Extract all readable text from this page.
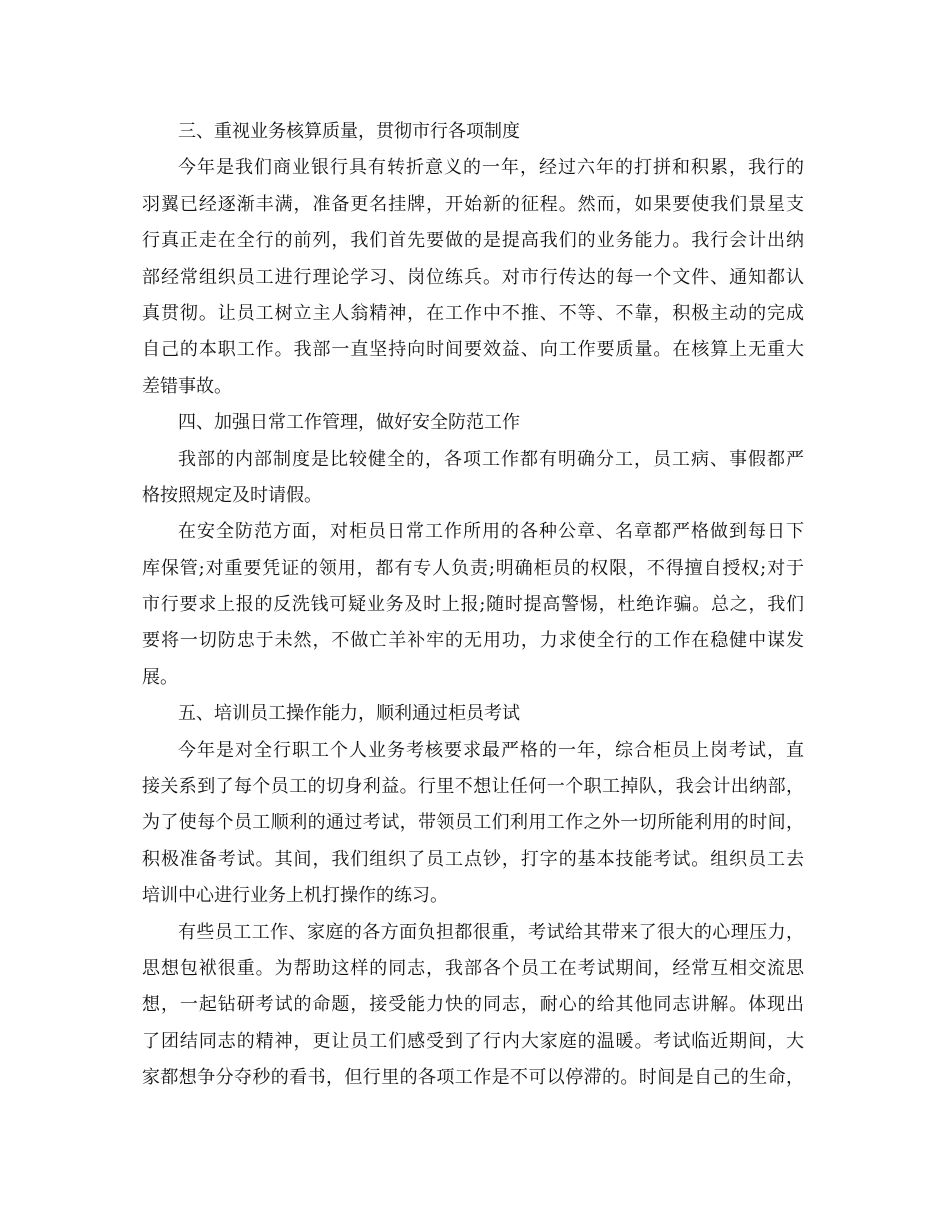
三、重视业务核算质量，贯彻市行各项制度
今年是我们商业银行具有转折意义的一年，经过六年的打拼和积累，我行的
羽翼已经逐渐丰满，准备更名挂牌，开始新的征程。然而，如果要使我们景星支
行真正走在全行的前列，我们首先要做的是提高我们的业务能力。我行会计出纳
部经常组织员工进行理论学习、岗位练兵。对市行传达的每一个文件、通知都认
真贯彻。让员工树立主人翁精神，在工作中不推、不等、不靠，积极主动的完成
自己的本职工作。我部一直坚持向时间要效益、向工作要质量。在核算上无重大
差错事故。
四、加强日常工作管理，做好安全防范工作
我部的内部制度是比较健全的，各项工作都有明确分工，员工病、事假都严
格按照规定及时请假。
在安全防范方面，对柜员日常工作所用的各种公章、名章都严格做到每日下
库保管;对重要凭证的领用，都有专人负责;明确柜员的权限，不得擅自授权;对于
市行要求上报的反洗钱可疑业务及时上报;随时提高警惕，杜绝诈骗。总之，我们
要将一切防忠于未然，不做亡羊补牢的无用功，力求使全行的工作在稳健中谋发
展。
五、培训员工操作能力，顺利通过柜员考试
今年是对全行职工个人业务考核要求最严格的一年，综合柜员上岗考试，直
接关系到了每个员工的切身利益。行里不想让任何一个职工掉队，我会计出纳部，
为了使每个员工顺利的通过考试，带领员工们利用工作之外一切所能利用的时间，
积极准备考试。其间，我们组织了员工点钞，打字的基本技能考试。组织员工去
培训中心进行业务上机打操作的练习。
有些员工工作、家庭的各方面负担都很重，考试给其带来了很大的心理压力，
思想包袱很重。为帮助这样的同志，我部各个员工在考试期间，经常互相交流思
想，一起钻研考试的命题，接受能力快的同志，耐心的给其他同志讲解。体现出
了团结同志的精神，更让员工们感受到了行内大家庭的温暖。考试临近期间，大
家都想争分夺秒的看书，但行里的各项工作是不可以停滞的。时间是自己的生命，
